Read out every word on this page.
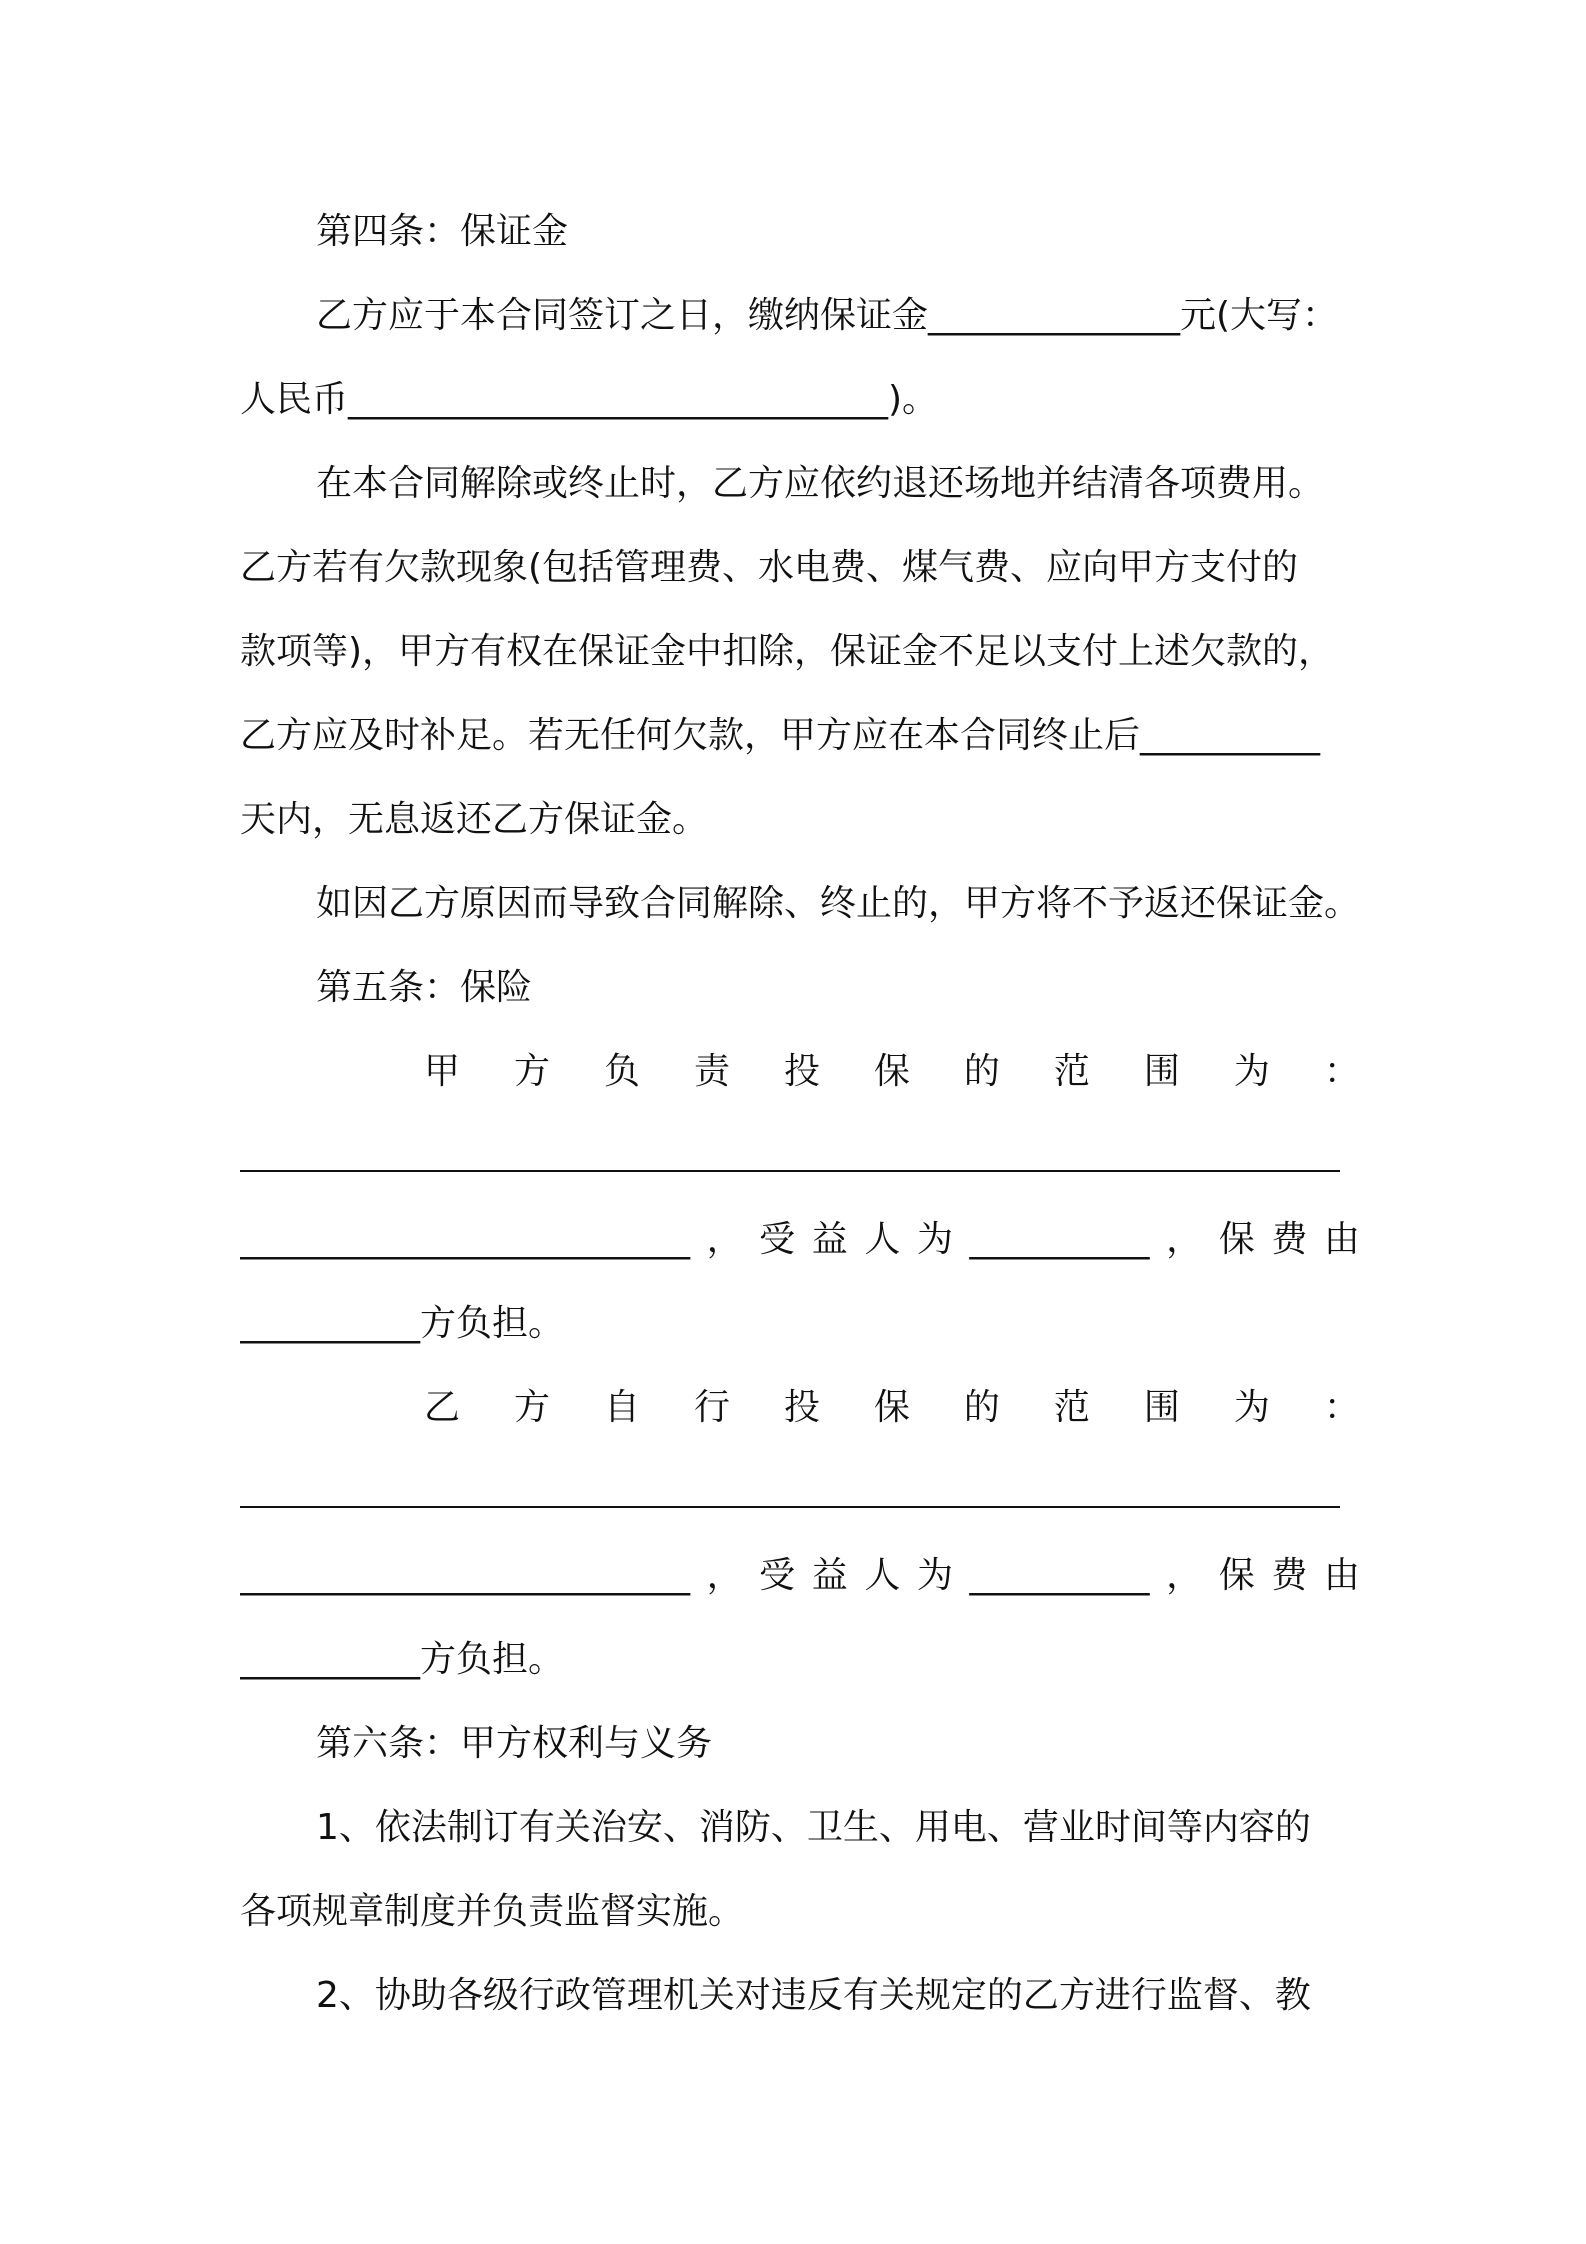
第四条：保证金
乙方应于本合同签订之日，缴纳保证金______________元(大写：
人民币______________________________)。
在本合同解除或终止时，乙方应依约退还场地并结清各项费用。
乙方若有欠款现象(包括管理费、水电费、煤气费、应向甲方支付的
款项等)，甲方有权在保证金中扣除，保证金不足以支付上述欠款的，
乙方应及时补足。若无任何欠款，甲方应在本合同终止后__________
天内，无息返还乙方保证金。
如因乙方原因而导致合同解除、终止的，甲方将不予返还保证金。
第五条：保险
甲 方 负 责 投 保 的 范 围 为 ：
_________________________ ， 受 益 人 为 __________ ， 保 费 由
__________方负担。
乙 方 自 行 投 保 的 范 围 为 ：
_________________________ ， 受 益 人 为 __________ ， 保 费 由
__________方负担。
第六条：甲方权利与义务
1、依法制订有关治安、消防、卫生、用电、营业时间等内容的
各项规章制度并负责监督实施。
2、协助各级行政管理机关对违反有关规定的乙方进行监督、教
